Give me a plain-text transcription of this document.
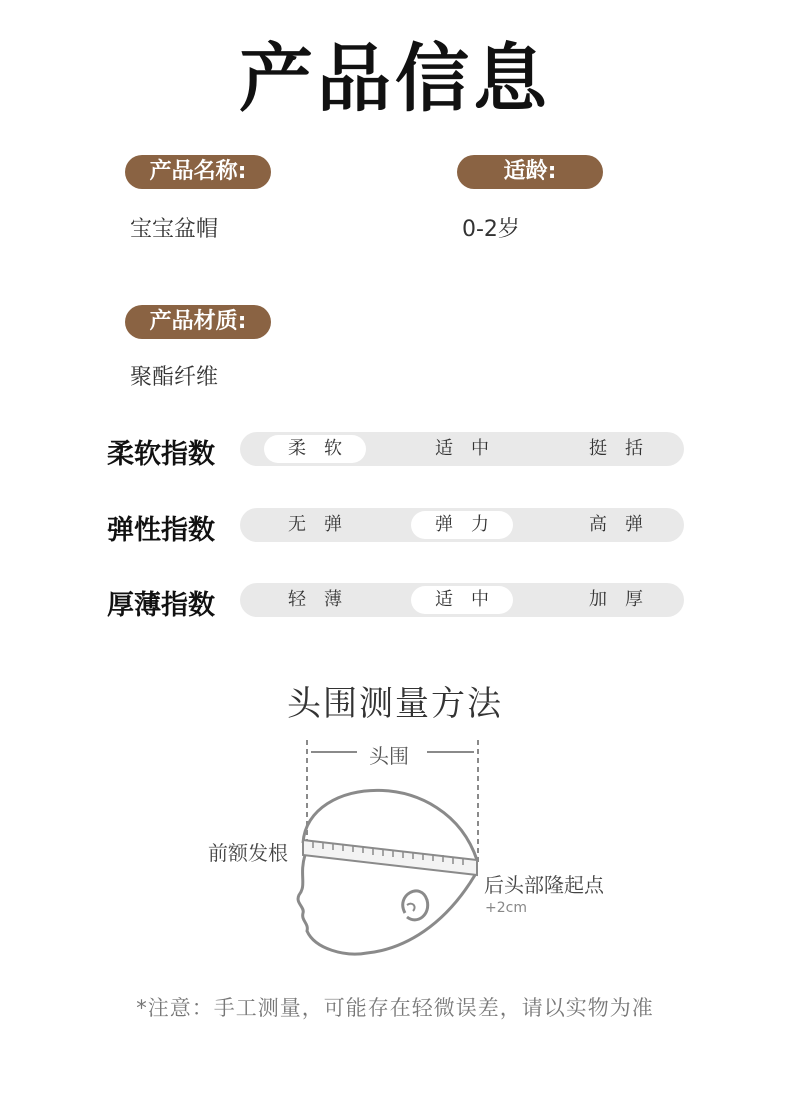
产品信息
产品名称:
宝宝盆帽
适龄:
0-2岁
产品材质:
聚酯纤维
柔软指数	柔软	适中	挺括
弹性指数	无弹	弹力	高弹
厚薄指数	轻薄	适中	加厚
头围测量方法
头围
前额发根
后头部隆起点
+2cm
*注意：手工测量，可能存在轻微误差，请以实物为准
